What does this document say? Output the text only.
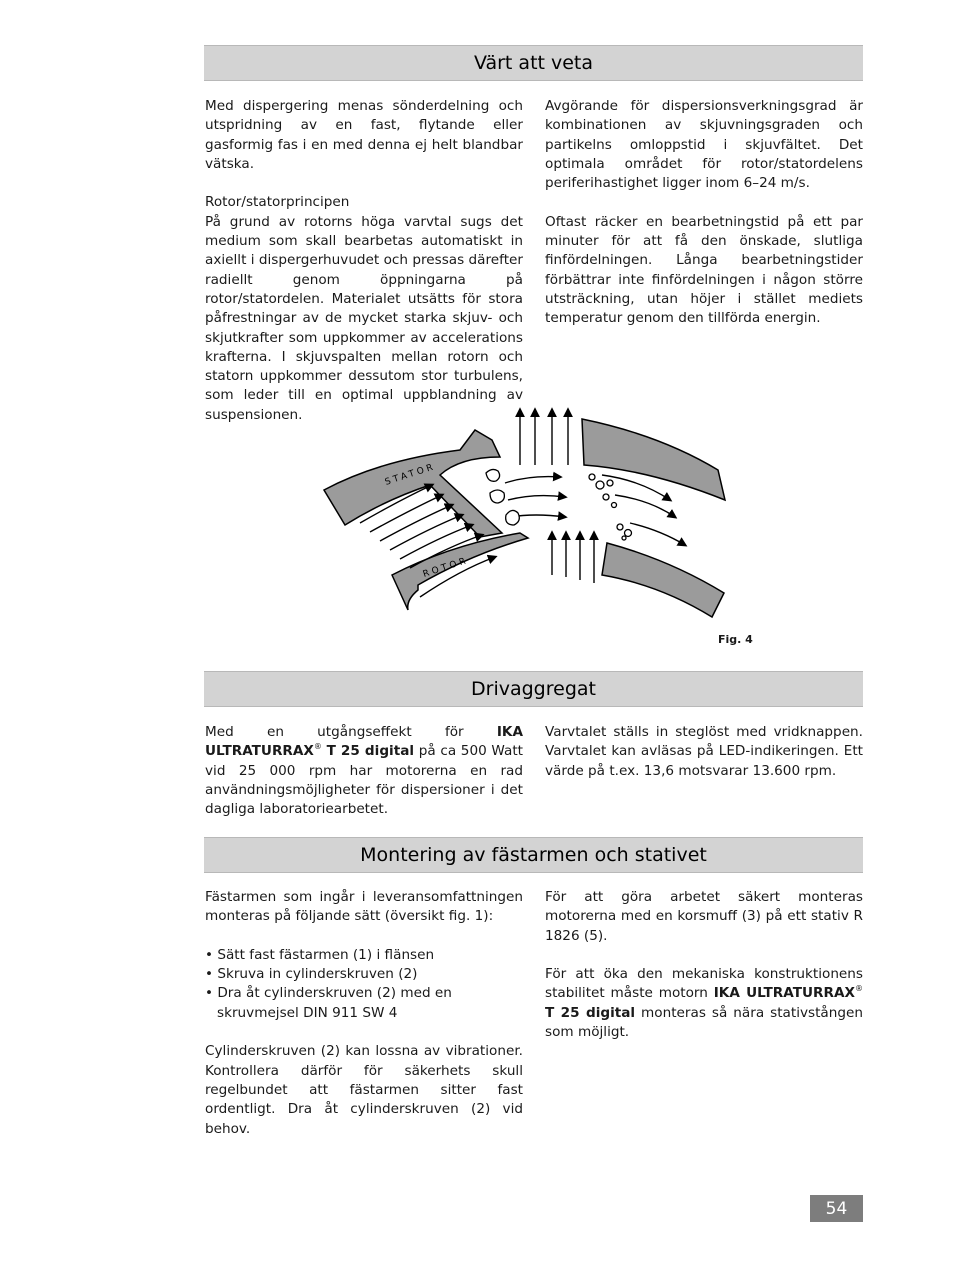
Värt att veta

Med dispergering menas sönderdelning och utspridning av en fast, flytande eller gasformig fas i en med denna ej helt blandbar vätska.

Rotor/statorprincipen

På grund av rotorns höga varvtal sugs det medium som skall bearbetas automatiskt in axiellt i dispergerhuvudet och pressas därefter radiellt genom öppningarna på rotor/statordelen. Materialet utsätts för stora påfrestningar av de mycket starka skjuv- och skjutkrafter som uppkommer av accelerations krafterna. I skjuvspalten mellan rotorn och statorn uppkommer dessutom stor turbulens, som leder till en optimal uppblandning av suspensionen.

Avgörande för dispersionsverkningsgrad är kombinationen av skjuvningsgraden och partikelns omloppstid i skjuvfältet. Det optimala området för rotor/statordelens periferihastighet ligger inom 6–24 m/s.

Oftast räcker en bearbetningstid på ett par minuter för att få den önskade, slutliga finfördelningen. Långa bearbetningstider förbättrar inte finfördelningen i någon större utsträckning, utan höjer i stället mediets temperatur genom den tillförda energin.

STATOR
ROTOR
Fig. 4
Drivaggregat

Med en utgångseffekt för IKA ULTRATURRAX® T 25 digital på ca 500 Watt vid 25 000 rpm har motorerna en rad användningsmöjligheter för dispersioner i det dagliga laboratoriearbetet.

Varvtalet ställs in steglöst med vridknappen. Varvtalet kan avläsas på LED-indikeringen. Ett värde på t.ex. 13,6 motsvarar 13.600 rpm.

Montering av fästarmen och stativet

Fästarmen som ingår i leveransomfattningen monteras på följande sätt (översikt fig. 1):

• Sätt fast fästarmen (1) i flänsen
• Skruva in cylinderskruven (2)
• Dra åt cylinderskruven (2) med en skruvmejsel DIN 911 SW 4

Cylinderskruven (2) kan lossna av vibrationer. Kontrollera därför för säkerhets skull regelbundet att fästarmen sitter fast ordentligt. Dra åt cylinderskruven (2) vid behov.

För att göra arbetet säkert monteras motorerna med en korsmuff (3) på ett stativ R 1826 (5).

För att öka den mekaniska konstruktionens stabilitet måste motorn IKA ULTRATURRAX® T 25 digital monteras så nära stativstången som möjligt.

54
